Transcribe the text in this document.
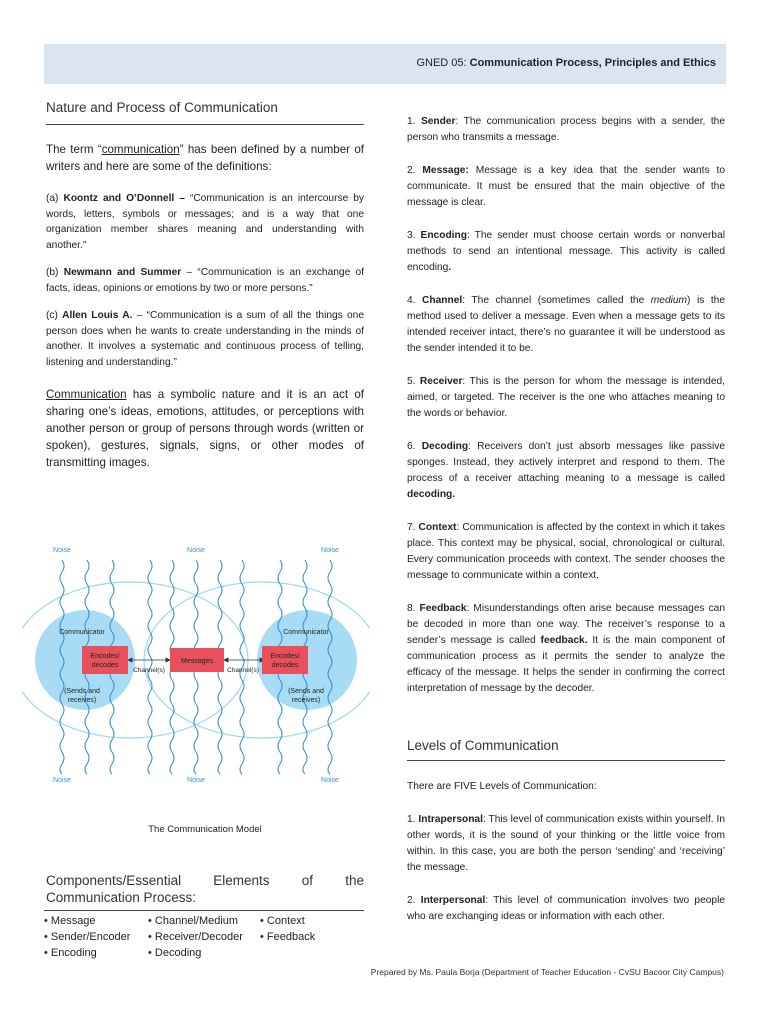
GNED 05: Communication Process, Principles and Ethics
Nature and Process of Communication

The term “communication” has been defined by a number of writers and here are some of the definitions:

(a) Koontz and O’Donnell – “Communication is an intercourse by words, letters, symbols or messages; and is a way that one organization member shares meaning and understanding with another.”

(b) Newmann and Summer – “Communication is an exchange of facts, ideas, opinions or emotions by two or more persons.”

(c) Allen Louis A. – “Communication is a sum of all the things one person does when he wants to create understanding in the minds of another. It involves a systematic and continuous process of telling, listening and understanding.”

Communication has a symbolic nature and it is an act of sharing one’s ideas, emotions, attitudes, or perceptions with another person or group of persons through words (written or spoken), gestures, signals, signs, or other modes of transmitting images.

Noise	Noise	Noise
Noise	Noise	Noise
Encodes/
decodes
Messages
Encodes/
decodes
Channel(s)	Channel(s)
Communicator	Communicator
(Sends and
receives)
(Sends and
receives)
The Communication Model
Components/Essential Elements of the Communication Process:
• Message	• Channel/Medium • Context
• Sender/Encoder • Receiver/Decoder • Feedback
• Encoding	• Decoding

1. Sender: The communication process begins with a sender, the person who transmits a message.

2. Message: Message is a key idea that the sender wants to communicate. It must be ensured that the main objective of the message is clear.

3. Encoding: The sender must choose certain words or nonverbal methods to send an intentional message. This activity is called encoding.

4. Channel: The channel (sometimes called the medium) is the method used to deliver a message. Even when a message gets to its intended receiver intact, there’s no guarantee it will be understood as the sender intended it to be.

5. Receiver: This is the person for whom the message is intended, aimed, or targeted. The receiver is the one who attaches meaning to the words or behavior.

6. Decoding: Receivers don’t just absorb messages like passive sponges. Instead, they actively interpret and respond to them. The process of a receiver attaching meaning to a message is called decoding.

7. Context: Communication is affected by the context in which it takes place. This context may be physical, social, chronological or cultural. Every communication proceeds with context. The sender chooses the message to communicate within a context.

8. Feedback: Misunderstandings often arise because messages can be decoded in more than one way. The receiver’s response to a sender’s message is called feedback. It is the main component of communication process as it permits the sender to analyze the efficacy of the message. It helps the sender in confirming the correct interpretation of message by the decoder.

Levels of Communication

There are FIVE Levels of Communication:

1. Intrapersonal: This level of communication exists within yourself. In other words, it is the sound of your thinking or the little voice from within. In this case, you are both the person ‘sending’ and ‘receiving’ the message.

2. Interpersonal: This level of communication involves two people who are exchanging ideas or information with each other.

Prepared by Ms. Paula Borja (Department of Teacher Education - CvSU Bacoor City Campus)
